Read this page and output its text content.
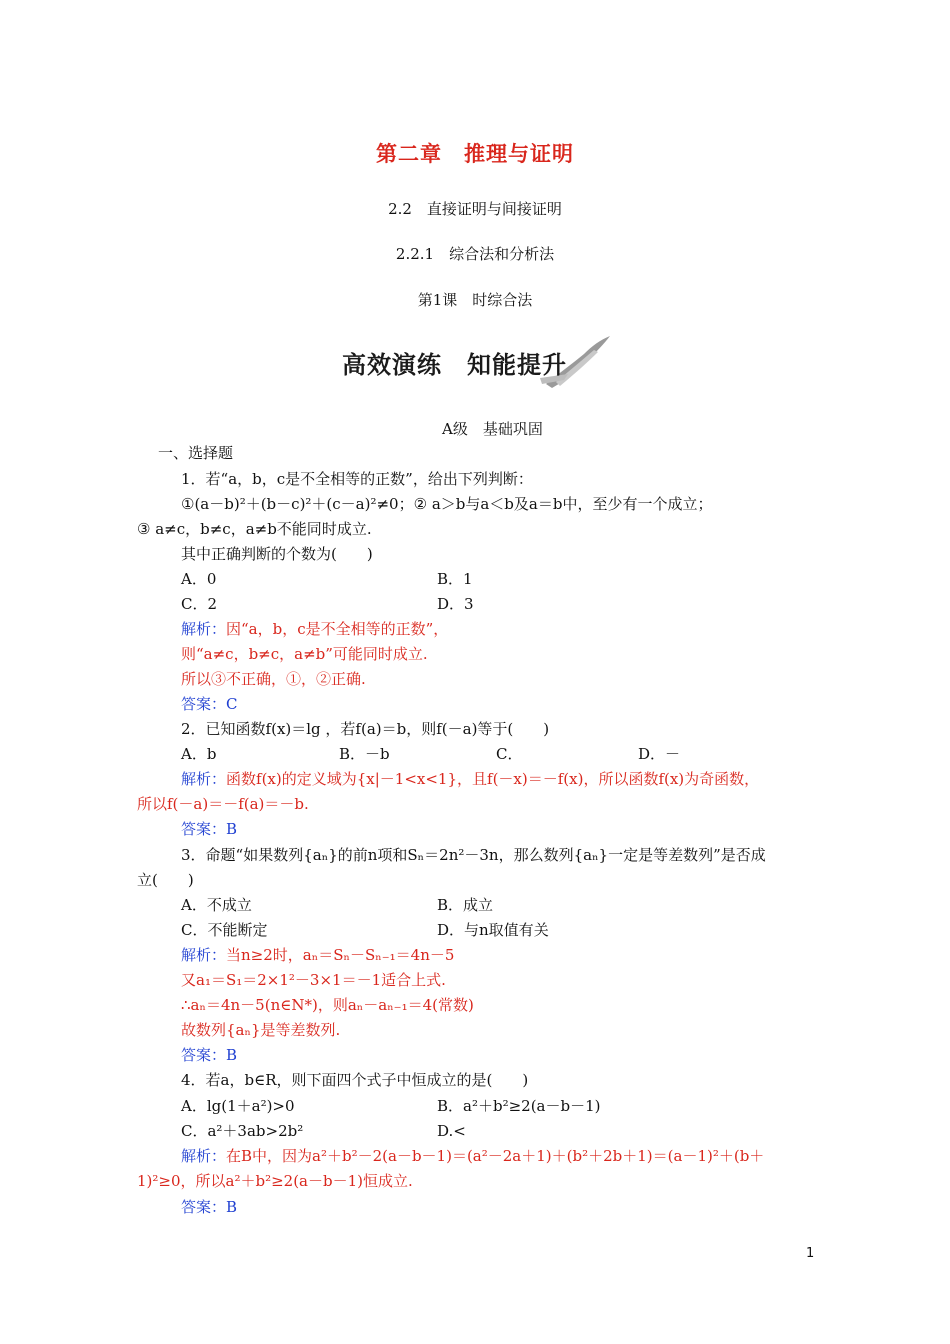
第二章　推理与证明
2.2　直接证明与间接证明
2.2.1　综合法和分析法
第1课　时综合法
高效演练　知能提升
A级　基础巩固
一、选择题
1．若“a，b，c是不全相等的正数”，给出下列判断：
①(a－b)²＋(b－c)²＋(c－a)²≠0；② a＞b与a＜b及a＝b中，至少有一个成立；
③ a≠c，b≠c，a≠b不能同时成立.
其中正确判断的个数为(　　)
A．0	B．1
C．2	D．3
解析：因“a，b，c是不全相等的正数”，
则“a≠c，b≠c，a≠b”可能同时成立.
所以③不正确，①，②正确.
答案：C
2．已知函数f(x)＝lg ，若f(a)＝b，则f(－a)等于(　　)
A．b	B．－b	C．	D．－
解析：函数f(x)的定义域为{x|－1<x<1}，且f(－x)＝－f(x)，所以函数f(x)为奇函数，
所以f(－a)＝－f(a)＝－b.
答案：B
3．命题“如果数列{aₙ}的前n项和Sₙ＝2n²－3n，那么数列{aₙ}一定是等差数列”是否成
立(　　)
A．不成立	B．成立
C．不能断定	D．与n取值有关
解析：当n≥2时，aₙ＝Sₙ－Sₙ₋₁＝4n－5
又a₁＝S₁＝2×1²－3×1＝－1适合上式.
∴aₙ＝4n－5(n∈N*)，则aₙ－aₙ₋₁＝4(常数)
故数列{aₙ}是等差数列.
答案：B
4．若a，b∈R，则下面四个式子中恒成立的是(　　)
A．lg(1＋a²)>0	B．a²＋b²≥2(a－b－1)
C．a²＋3ab>2b²	D.<
解析：在B中，因为a²＋b²－2(a－b－1)＝(a²－2a＋1)＋(b²＋2b＋1)＝(a－1)²＋(b＋
1)²≥0，所以a²＋b²≥2(a－b－1)恒成立.
答案：B
1
